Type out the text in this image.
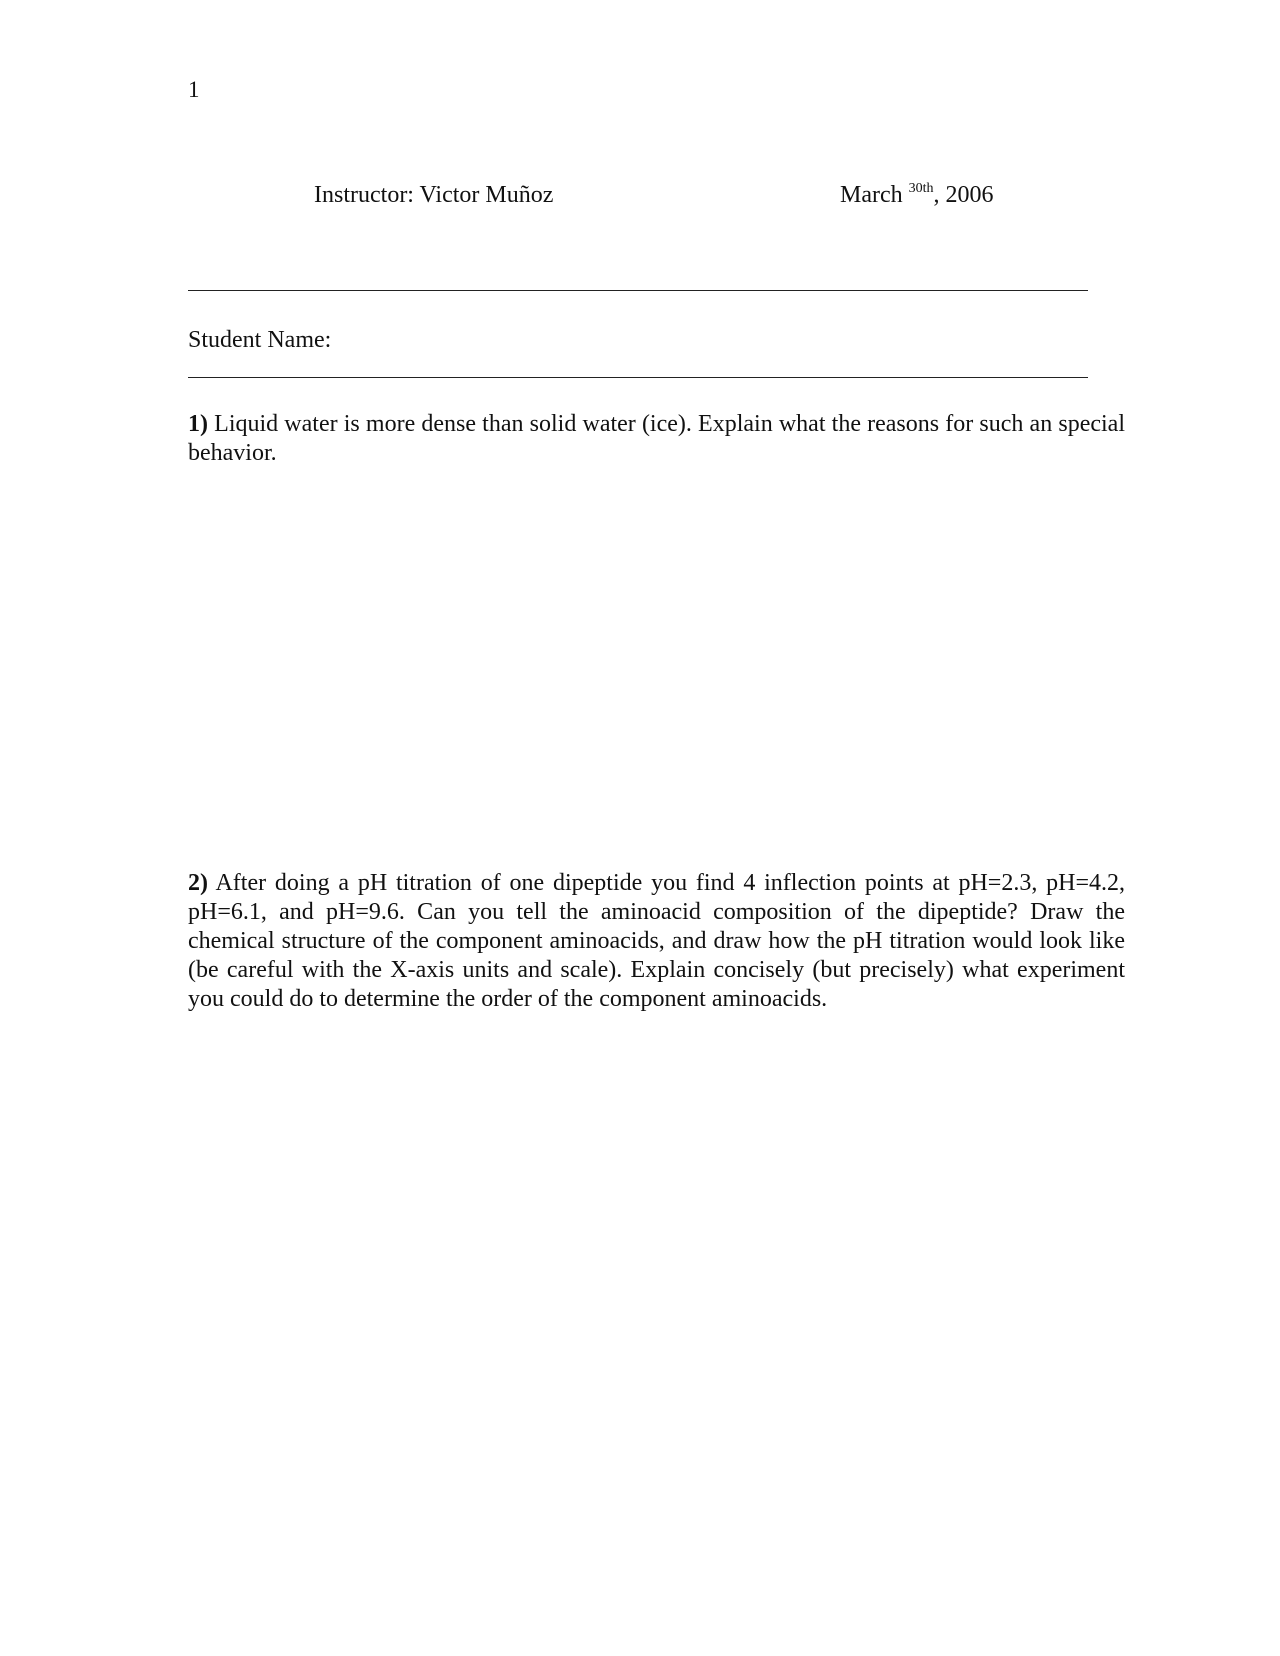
1
Instructor: Victor Muñoz	March $^{30th}$, 2006
Student Name:
1) Liquid water is more dense than solid water (ice). Explain what the reasons for such an special behavior.
2) After doing a pH titration of one dipeptide you find 4 inflection points at pH=2.3, pH=4.2, pH=6.1, and pH=9.6. Can you tell the aminoacid composition of the dipeptide? Draw the chemical structure of the component aminoacids, and draw how the pH titration would look like (be careful with the X-axis units and scale). Explain concisely (but precisely) what experiment you could do to determine the order of the component aminoacids.
